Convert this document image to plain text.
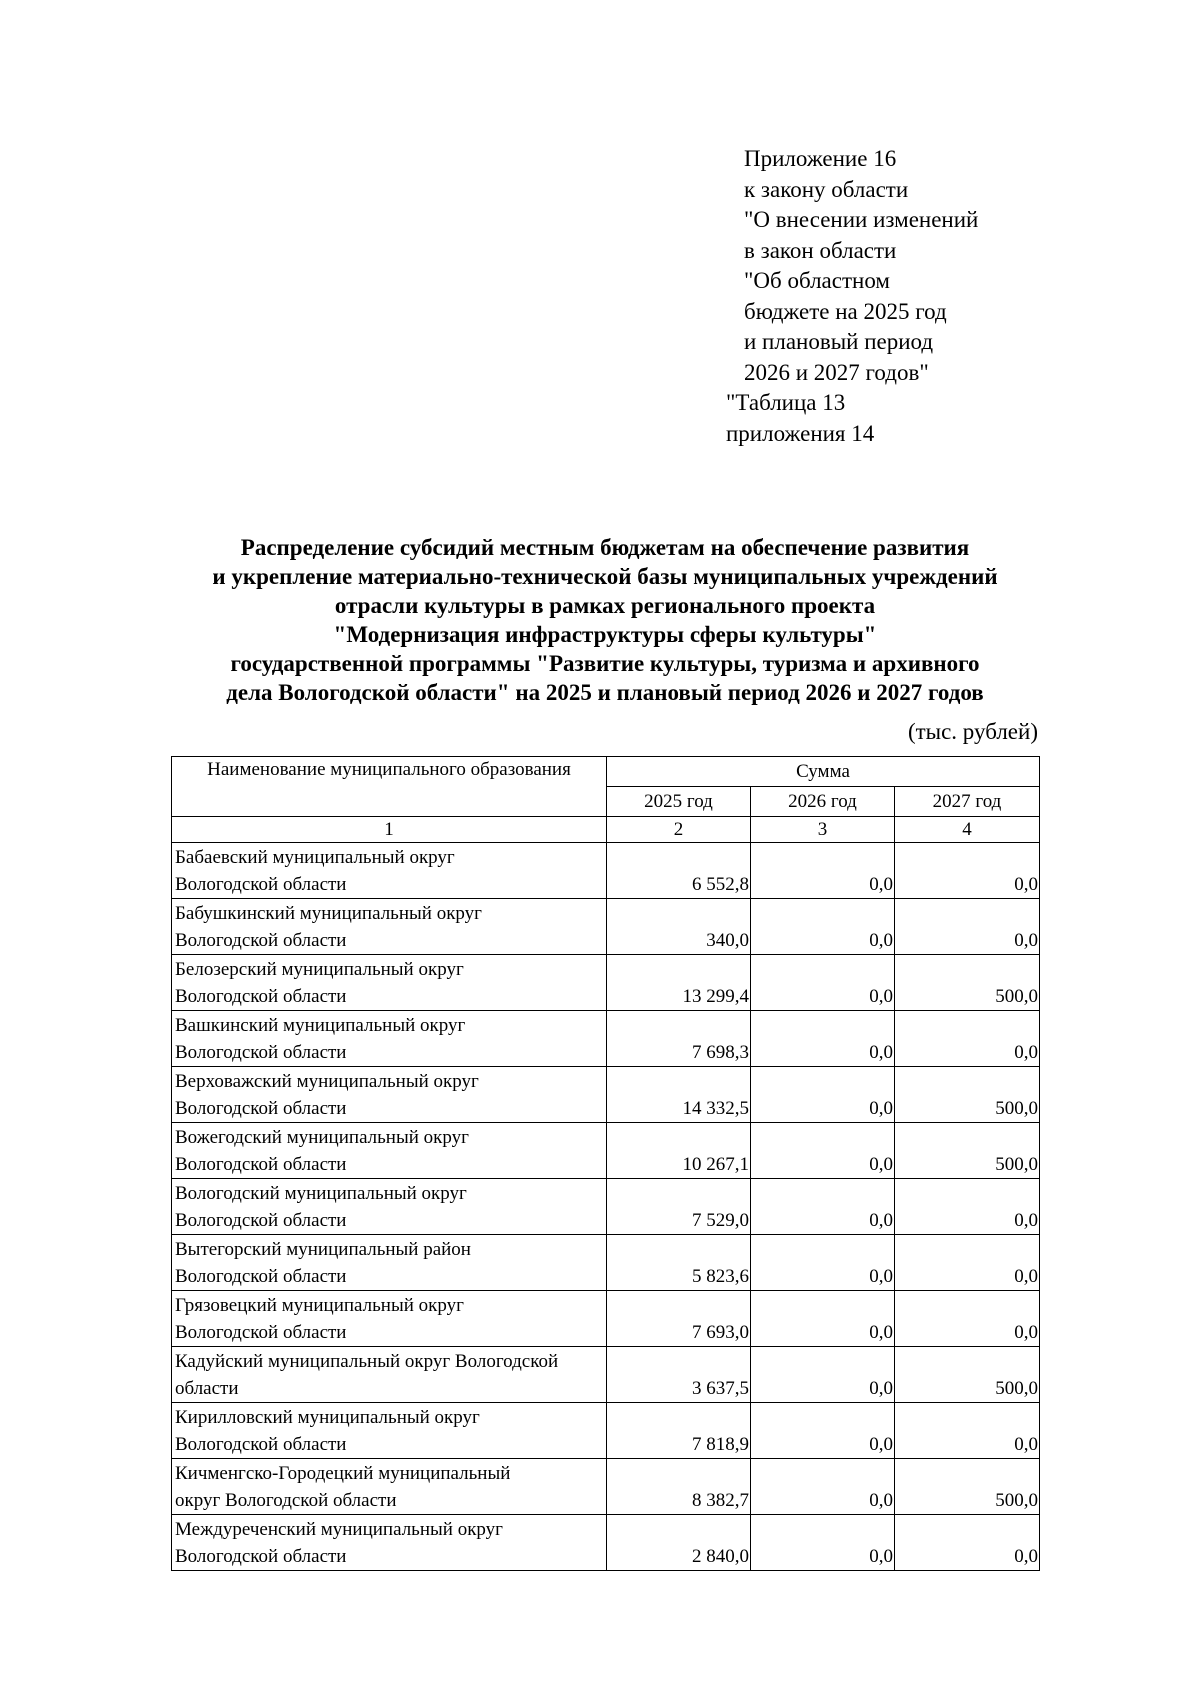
Приложение 16
к закону области
"О внесении изменений
в закон области
"Об областном
бюджете на 2025 год
и плановый период
2026 и 2027 годов"
"Таблица 13
приложения 14
Распределение субсидий местным бюджетам на обеспечение развития
и укрепление материально-технической базы муниципальных учреждений
отрасли культуры в рамках регионального проекта
"Модернизация инфраструктуры сферы культуры"
государственной программы "Развитие культуры, туризма и архивного
дела Вологодской области" на 2025 и плановый период 2026 и 2027 годов
(тыс. рублей)
Наименование муниципального образования	Сумма		
	2025 год	2026 год	2027 год
1	2	3	4

Бабаевский муниципальный округ
Вологодской области	6 552,8	0,0	0,0

Бабушкинский муниципальный округ
Вологодской области	340,0	0,0	0,0

Белозерский муниципальный округ
Вологодской области	13 299,4	0,0	500,0

Вашкинский муниципальный округ
Вологодской области	7 698,3	0,0	0,0

Верховажский муниципальный округ
Вологодской области	14 332,5	0,0	500,0

Вожегодский муниципальный округ
Вологодской области	10 267,1	0,0	500,0

Вологодский муниципальный округ
Вологодской области	7 529,0	0,0	0,0

Вытегорский муниципальный район
Вологодской области	5 823,6	0,0	0,0

Грязовецкий муниципальный округ
Вологодской области	7 693,0	0,0	0,0

Кадуйский муниципальный округ Вологодской
области	3 637,5	0,0	500,0

Кирилловский муниципальный округ
Вологодской области	7 818,9	0,0	0,0

Кичменгско-Городецкий муниципальный
округ Вологодской области	8 382,7	0,0	500,0

Междуреченский муниципальный округ
Вологодской области	2 840,0	0,0	0,0
